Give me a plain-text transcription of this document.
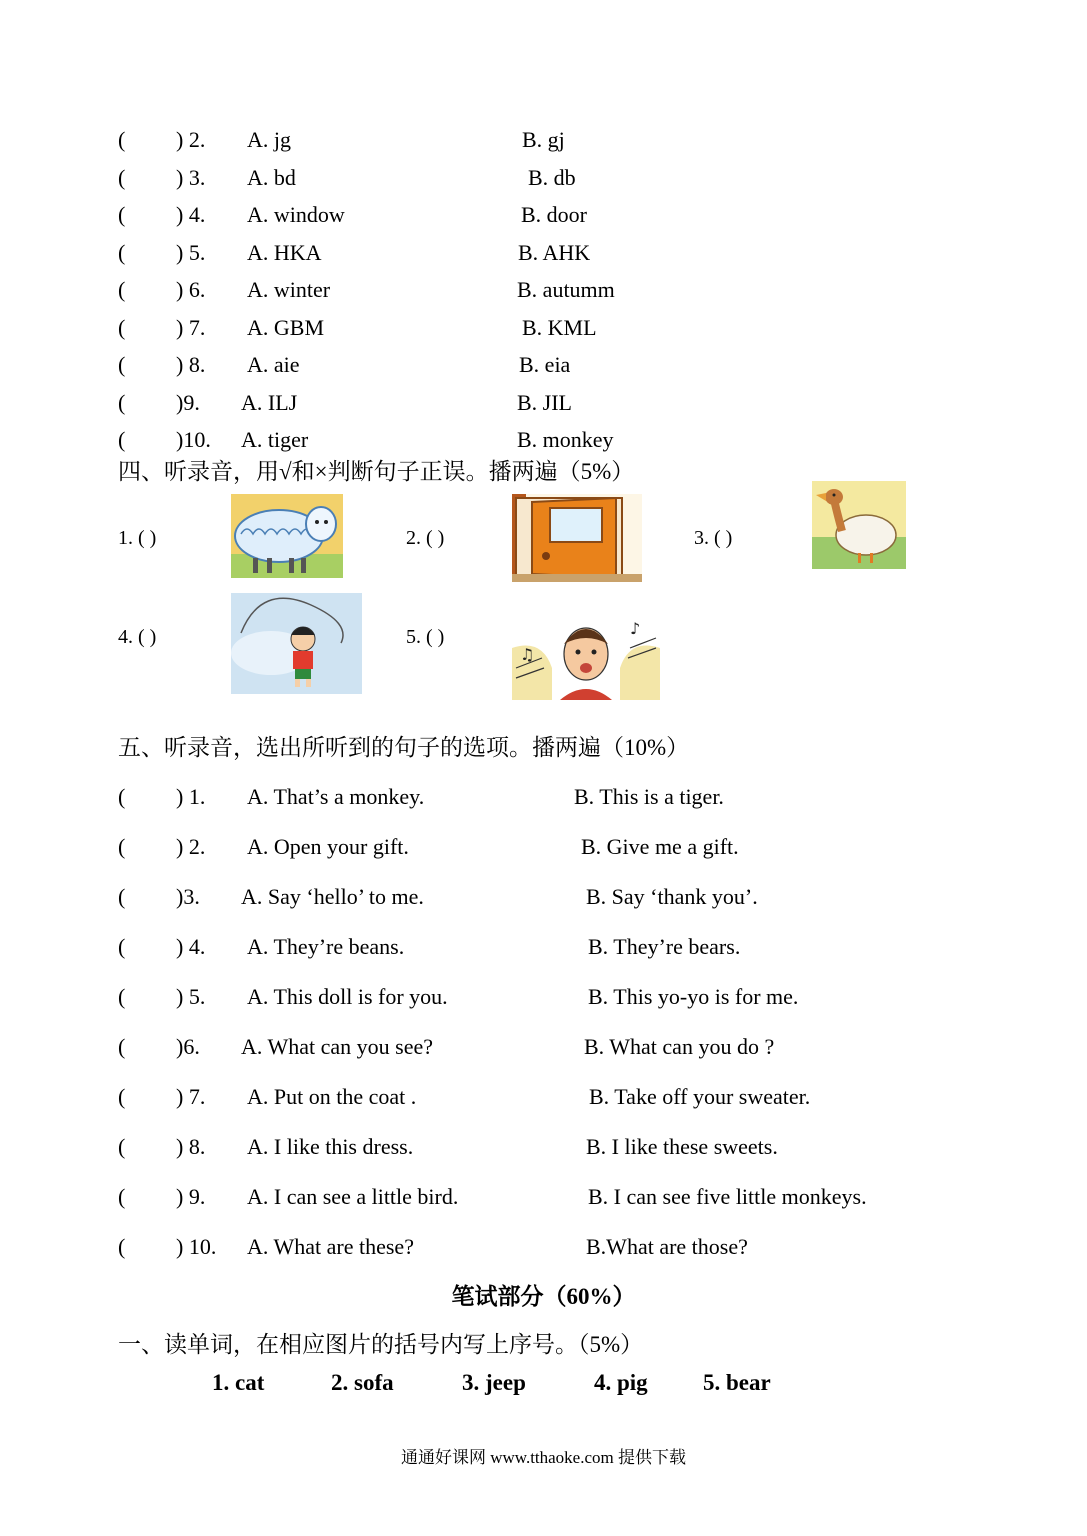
( ) 2. A. jg	B. gj
( ) 3. A. bd	B. db
( ) 4. A. window	B. door
( ) 5. A. HKA	B. AHK
( ) 6. A. winter	B. autumm
( ) 7. A. GBM	B. KML
( ) 8. A. aie	B. eia
( )9. A. ILJ	B. JIL
( )10. A. tiger	B. monkey
四、听录音，用√和×判断句子正误。播两遍（5%）
1. ( )	2. ( )	3. ( )
4. ( )	5. ( )
♫
♪
五、听录音，选出所听到的句子的选项。播两遍（10%）
( ) 1. A. That’s a monkey.	B. This is a tiger.
( ) 2. A. Open your gift.	B. Give me a gift.
( )3. A. Say ‘hello’ to me.	B. Say ‘thank you’.
( ) 4. A. They’re beans.	B. They’re bears.
( ) 5. A. This doll is for you.	B. This yo-yo is for me.
( )6. A. What can you see?	B. What can you do ?
( ) 7. A. Put on the coat .	B. Take off your sweater.
( ) 8. A. I like this dress.	B. I like these sweets.
( ) 9. A. I can see a little bird.	B. I can see five little monkeys.
( ) 10. A. What are these?	B.What are those?
笔试部分（60%）
一、读单词，在相应图片的括号内写上序号。（5%）
1. cat	2. sofa	3. jeep	4. pig 5. bear
通通好课网 www.tthaoke.com 提供下载
